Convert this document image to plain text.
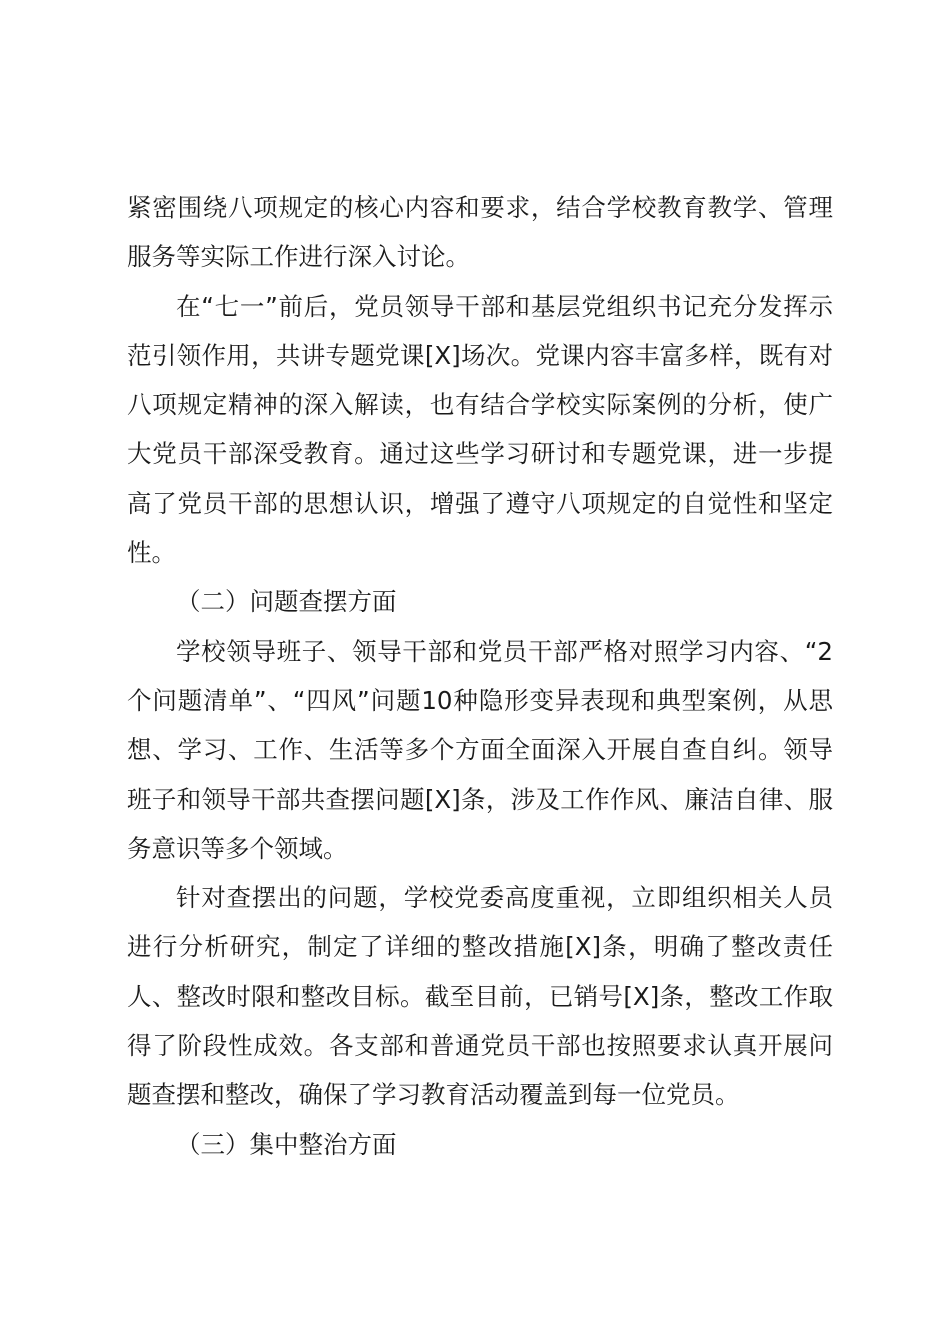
紧密围绕八项规定的核心内容和要求，结合学校教育教学、管理服务等实际工作进行深入讨论。

在“七一”前后，党员领导干部和基层党组织书记充分发挥示范引领作用，共讲专题党课[X]场次。党课内容丰富多样，既有对八项规定精神的深入解读，也有结合学校实际案例的分析，使广大党员干部深受教育。通过这些学习研讨和专题党课，进一步提高了党员干部的思想认识，增强了遵守八项规定的自觉性和坚定性。

（二）问题查摆方面

学校领导班子、领导干部和党员干部严格对照学习内容、“2个问题清单”、“四风”问题10种隐形变异表现和典型案例，从思想、学习、工作、生活等多个方面全面深入开展自查自纠。领导班子和领导干部共查摆问题[X]条，涉及工作作风、廉洁自律、服务意识等多个领域。

针对查摆出的问题，学校党委高度重视，立即组织相关人员进行分析研究，制定了详细的整改措施[X]条，明确了整改责任人、整改时限和整改目标。截至目前，已销号[X]条，整改工作取得了阶段性成效。各支部和普通党员干部也按照要求认真开展问题查摆和整改，确保了学习教育活动覆盖到每一位党员。

（三）集中整治方面
